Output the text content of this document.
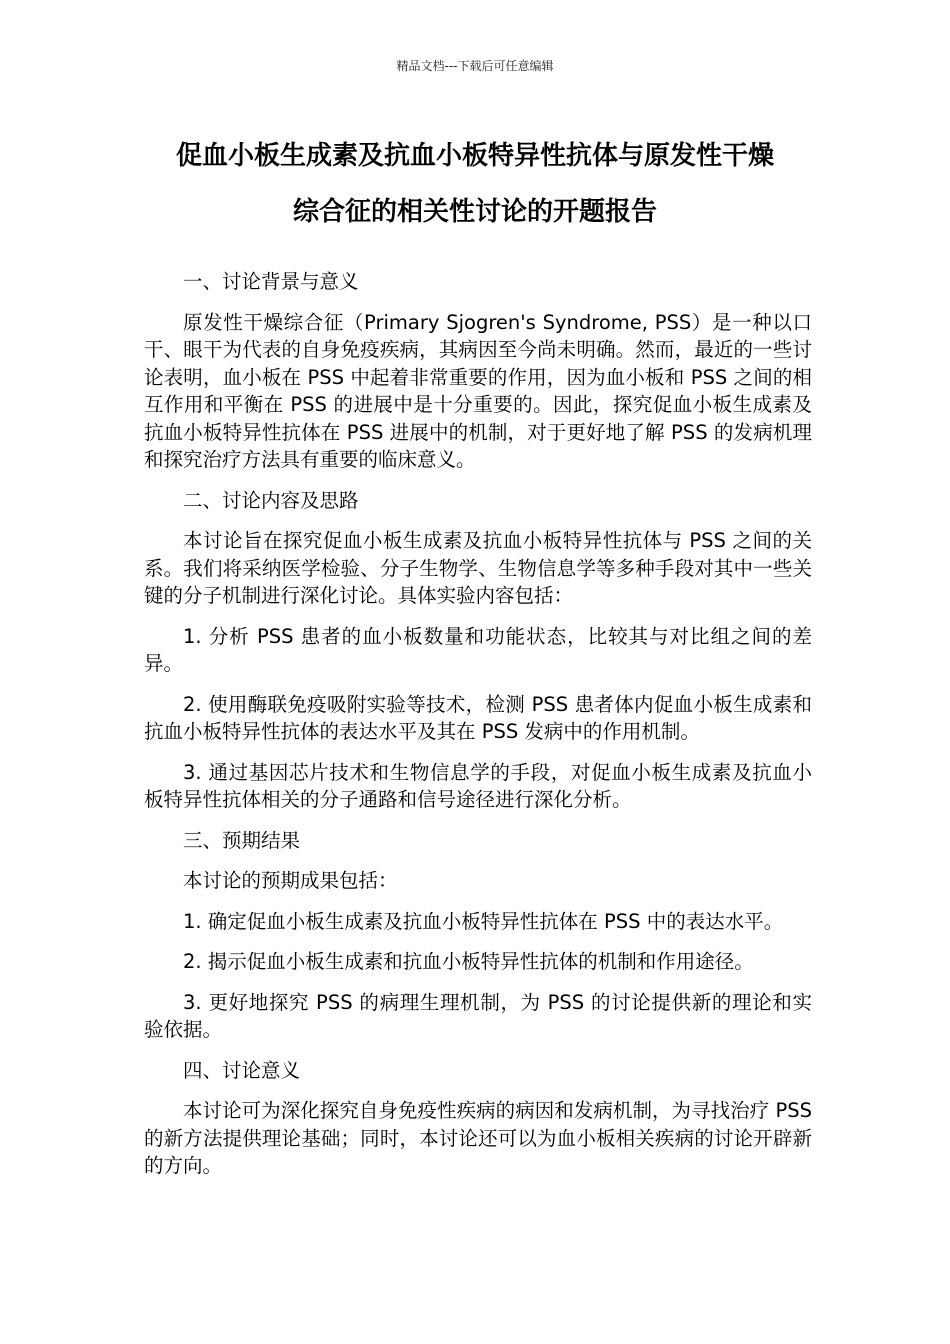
精品文档---下载后可任意编辑
促血小板生成素及抗血小板特异性抗体与原发性干燥
综合征的相关性讨论的开题报告

一、讨论背景与意义

原发性干燥综合征（Primary Sjogren's Syndrome, PSS）是一种以口干、眼干为代表的自身免疫疾病，其病因至今尚未明确。然而，最近的一些讨论表明，血小板在 PSS 中起着非常重要的作用，因为血小板和 PSS 之间的相互作用和平衡在 PSS 的进展中是十分重要的。因此，探究促血小板生成素及抗血小板特异性抗体在 PSS 进展中的机制，对于更好地了解 PSS 的发病机理和探究治疗方法具有重要的临床意义。

二、讨论内容及思路

本讨论旨在探究促血小板生成素及抗血小板特异性抗体与 PSS 之间的关系。我们将采纳医学检验、分子生物学、生物信息学等多种手段对其中一些关键的分子机制进行深化讨论。具体实验内容包括：

1. 分析 PSS 患者的血小板数量和功能状态，比较其与对比组之间的差异。

2. 使用酶联免疫吸附实验等技术，检测 PSS 患者体内促血小板生成素和抗血小板特异性抗体的表达水平及其在 PSS 发病中的作用机制。

3. 通过基因芯片技术和生物信息学的手段，对促血小板生成素及抗血小板特异性抗体相关的分子通路和信号途径进行深化分析。

三、预期结果

本讨论的预期成果包括：

1. 确定促血小板生成素及抗血小板特异性抗体在 PSS 中的表达水平。

2. 揭示促血小板生成素和抗血小板特异性抗体的机制和作用途径。

3. 更好地探究 PSS 的病理生理机制，为 PSS 的讨论提供新的理论和实验依据。

四、讨论意义

本讨论可为深化探究自身免疫性疾病的病因和发病机制，为寻找治疗 PSS 的新方法提供理论基础；同时，本讨论还可以为血小板相关疾病的讨论开辟新的方向。
